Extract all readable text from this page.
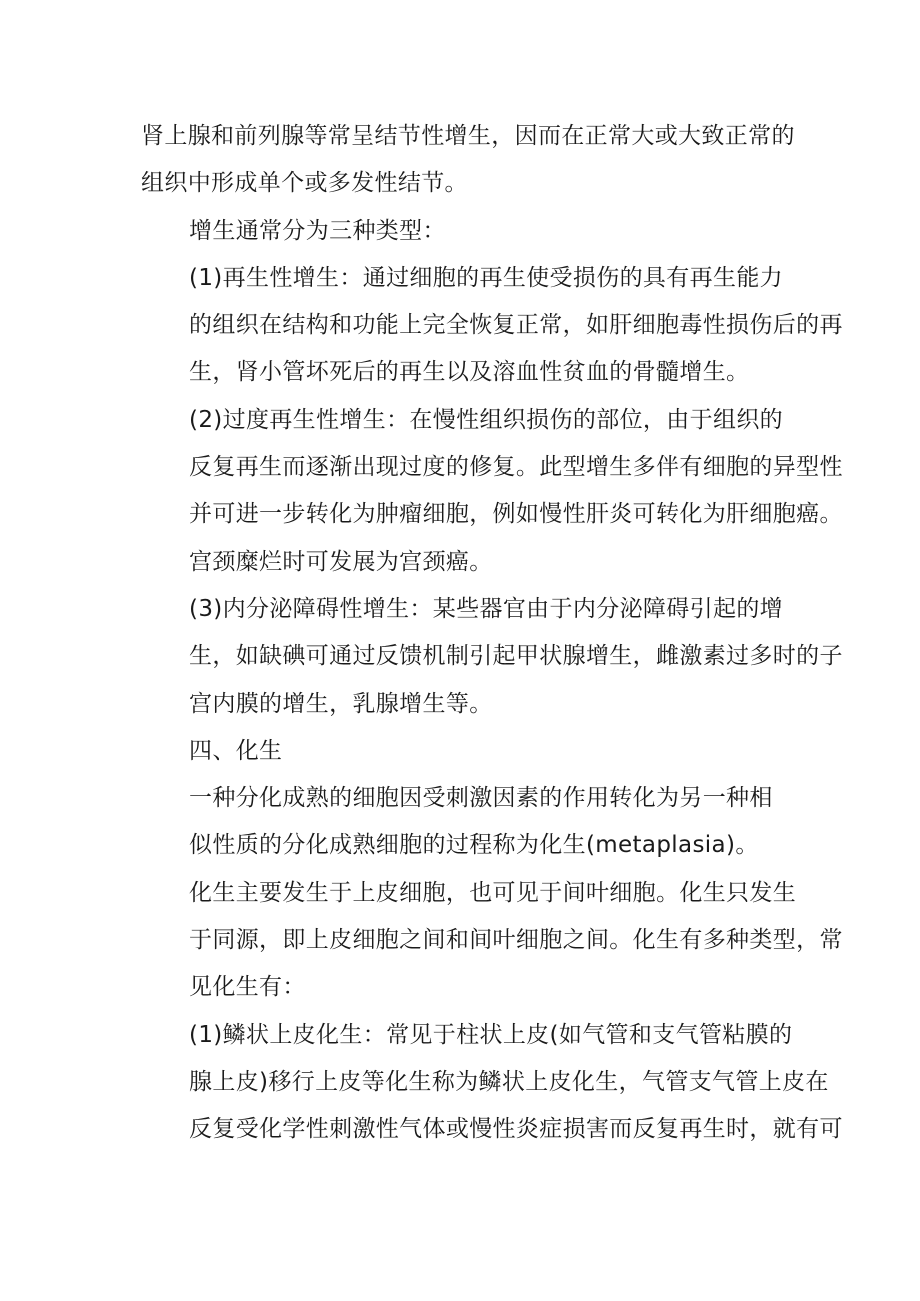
肾上腺和前列腺等常呈结节性增生，因而在正常大或大致正常的
组织中形成单个或多发性结节。

增生通常分为三种类型：

(1)再生性增生：通过细胞的再生使受损伤的具有再生能力
的组织在结构和功能上完全恢复正常，如肝细胞毒性损伤后的再
生，肾小管坏死后的再生以及溶血性贫血的骨髓增生。

(2)过度再生性增生：在慢性组织损伤的部位，由于组织的
反复再生而逐渐出现过度的修复。此型增生多伴有细胞的异型性
并可进一步转化为肿瘤细胞，例如慢性肝炎可转化为肝细胞癌。
宫颈糜烂时可发展为宫颈癌。

(3)内分泌障碍性增生：某些器官由于内分泌障碍引起的增
生，如缺碘可通过反馈机制引起甲状腺增生，雌激素过多时的子
宫内膜的增生，乳腺增生等。

四、化生

一种分化成熟的细胞因受刺激因素的作用转化为另一种相
似性质的分化成熟细胞的过程称为化生(metaplasia)。

化生主要发生于上皮细胞，也可见于间叶细胞。化生只发生
于同源，即上皮细胞之间和间叶细胞之间。化生有多种类型，常
见化生有：

(1)鳞状上皮化生：常见于柱状上皮(如气管和支气管粘膜的
腺上皮)移行上皮等化生称为鳞状上皮化生，气管支气管上皮在
反复受化学性刺激性气体或慢性炎症损害而反复再生时，就有可
